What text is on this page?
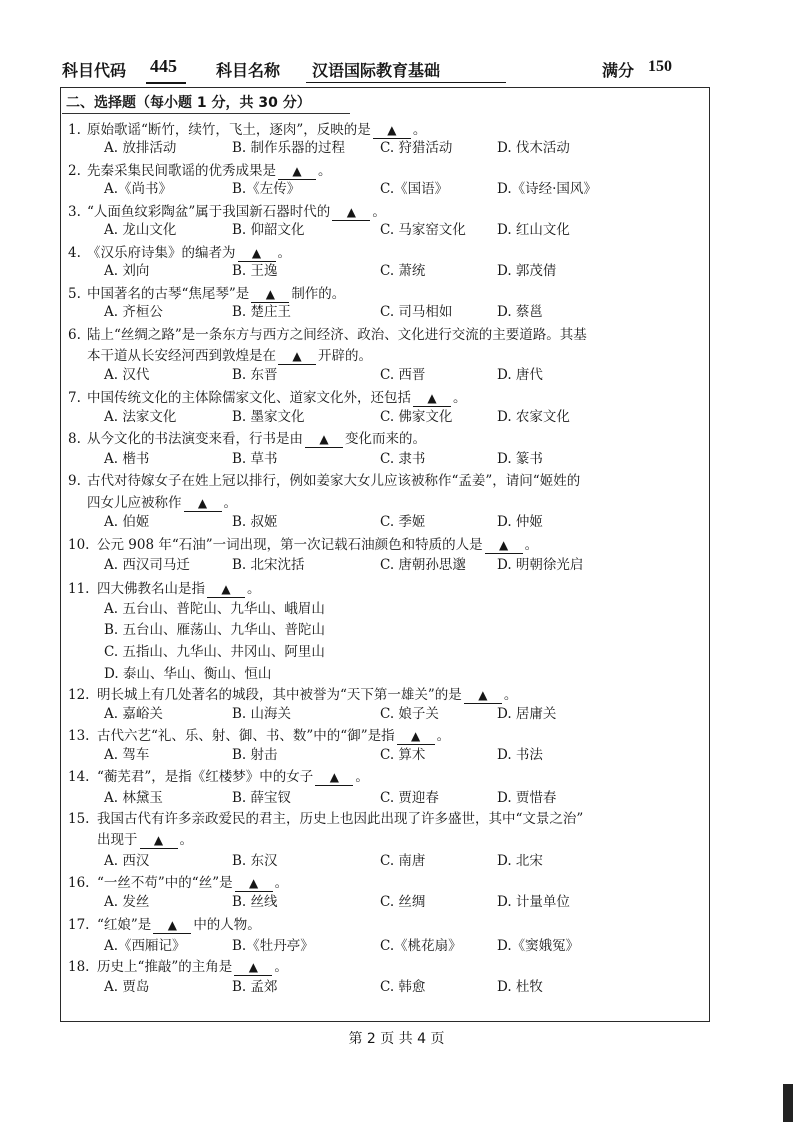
科目代码 445 科目名称 汉语国际教育基础	满分 150
二、选择题（每小题 1 分，共 30 分）
1. 原始歌谣“断竹，续竹，飞土，逐肉”，反映的是 ▲ 。
A. 放排活动	B. 制作乐器的过程	C. 狩猎活动	D. 伐木活动
2. 先秦采集民间歌谣的优秀成果是 ▲ 。
A.《尚书》	B.《左传》	C.《国语》	D.《诗经·国风》
3. “人面鱼纹彩陶盆”属于我国新石器时代的 ▲ 。
A. 龙山文化	B. 仰韶文化	C. 马家窑文化 D. 红山文化
4. 《汉乐府诗集》的编者为 ▲ 。
A. 刘向	B. 王逸	C. 萧统	D. 郭茂倩
5. 中国著名的古琴“焦尾琴”是 ▲ 制作的。
A. 齐桓公	B. 楚庄王	C. 司马相如	D. 蔡邕
6. 陆上“丝绸之路”是一条东方与西方之间经济、政治、文化进行交流的主要道路。其基
本干道从长安经河西到敦煌是在 ▲ 开辟的。
A. 汉代	B. 东晋	C. 西晋	D. 唐代
7. 中国传统文化的主体除儒家文化、道家文化外，还包括 ▲ 。
A. 法家文化	B. 墨家文化	C. 佛家文化	D. 农家文化
8. 从今文化的书法演变来看，行书是由 ▲ 变化而来的。
A. 楷书	B. 草书	C. 隶书	D. 篆书
9. 古代对待嫁女子在姓上冠以排行，例如姜家大女儿应该被称作“孟姜”，请问“姬姓的
四女儿应被称作 ▲ 。
A. 伯姬	B. 叔姬	C. 季姬	D. 仲姬
10. 公元 908 年“石油”一词出现，第一次记载石油颜色和特质的人是 ▲ 。
A. 西汉司马迁	B. 北宋沈括	C. 唐朝孙思邈 D. 明朝徐光启
11. 四大佛教名山是指 ▲ 。
A. 五台山、普陀山、九华山、峨眉山
B. 五台山、雁荡山、九华山、普陀山
C. 五指山、九华山、井冈山、阿里山
D. 泰山、华山、衡山、恒山
12. 明长城上有几处著名的城段，其中被誉为“天下第一雄关”的是 ▲ 。
A. 嘉峪关	B. 山海关	C. 娘子关	D. 居庸关
13. 古代六艺“礼、乐、射、御、书、数”中的“御”是指 ▲ 。
A. 驾车	B. 射击	C. 算术	D. 书法
14. “蘅芜君”，是指《红楼梦》中的女子 ▲ 。
A. 林黛玉	B. 薛宝钗	C. 贾迎春	D. 贾惜春
15. 我国古代有许多亲政爱民的君主，历史上也因此出现了许多盛世，其中“文景之治”
出现于 ▲ 。
A. 西汉	B. 东汉	C. 南唐	D. 北宋
16. “一丝不苟”中的“丝”是 ▲ 。
A. 发丝	B. 丝线	C. 丝绸	D. 计量单位
17. “红娘”是 ▲ 中的人物。
A.《西厢记》	B.《牡丹亭》	C.《桃花扇》	D.《窦娥冤》
18. 历史上“推敲”的主角是 ▲ 。
A. 贾岛	B. 孟郊	C. 韩愈	D. 杜牧
第 2 页 共 4 页
